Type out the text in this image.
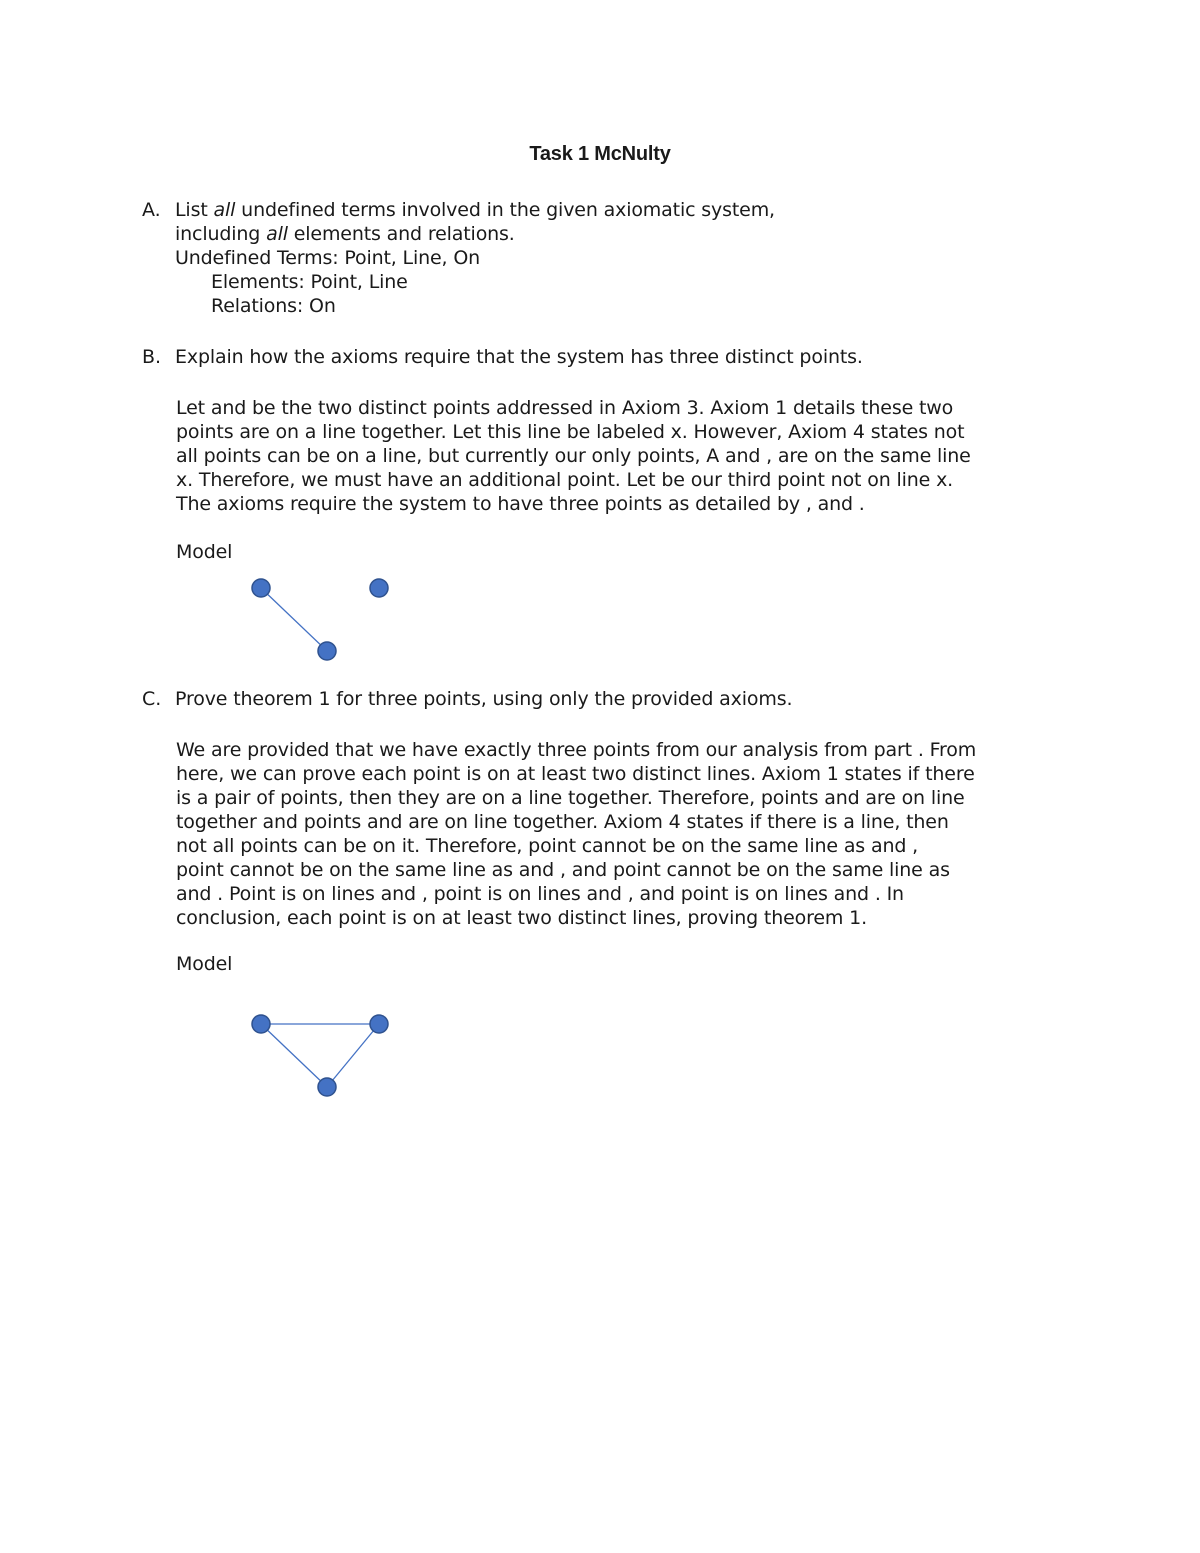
Task 1 McNulty
A. List all undefined terms involved in the given axiomatic system,
including all elements and relations.
Undefined Terms: Point, Line, On
Elements: Point, Line
Relations: On
B. Explain how the axioms require that the system has three distinct points.
Let and be the two distinct points addressed in Axiom 3. Axiom 1 details these two
points are on a line together. Let this line be labeled x. However, Axiom 4 states not
all points can be on a line, but currently our only points, A and , are on the same line
x. Therefore, we must have an additional point. Let be our third point not on line x.
The axioms require the system to have three points as detailed by , and .
Model
C. Prove theorem 1 for three points, using only the provided axioms.
We are provided that we have exactly three points from our analysis from part . From
here, we can prove each point is on at least two distinct lines. Axiom 1 states if there
is a pair of points, then they are on a line together. Therefore, points and are on line
together and points and are on line together. Axiom 4 states if there is a line, then
not all points can be on it. Therefore, point cannot be on the same line as and ,
point cannot be on the same line as and , and point cannot be on the same line as
and . Point is on lines and , point is on lines and , and point is on lines and . In
conclusion, each point is on at least two distinct lines, proving theorem 1.
Model
